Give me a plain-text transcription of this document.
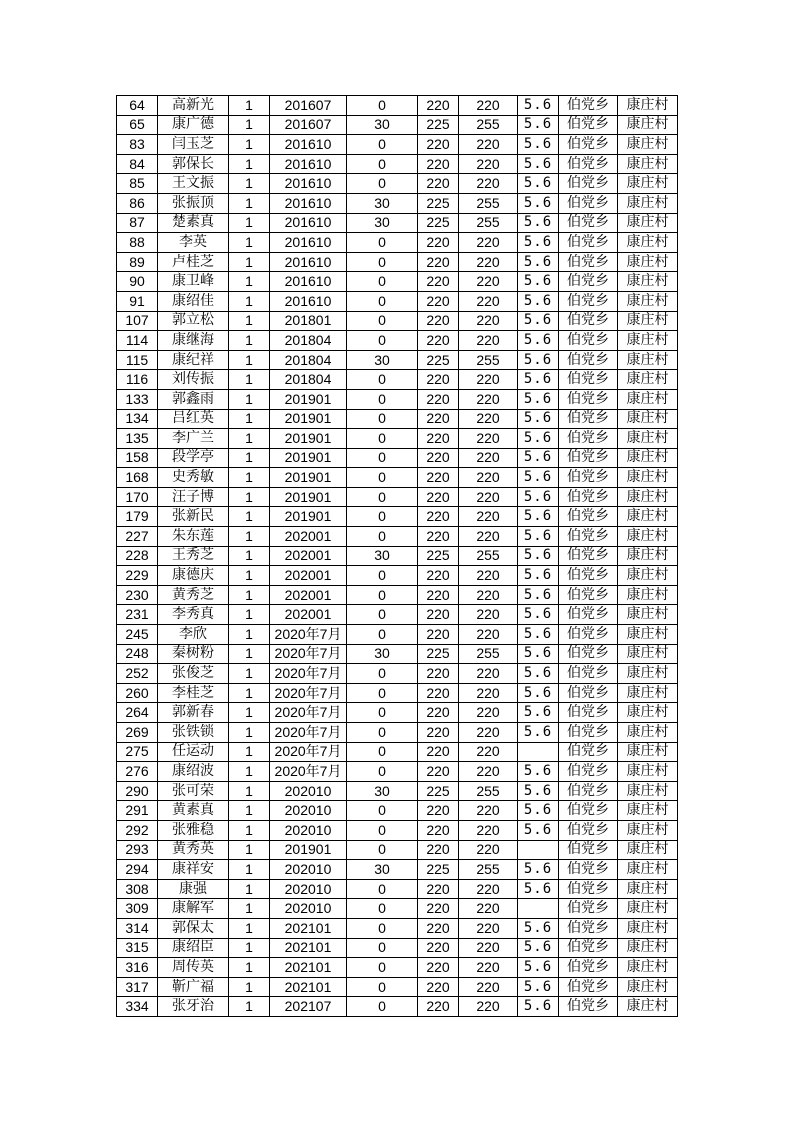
64	高新光	1	201607	0	220	220	5.6	伯党乡	康庄村
65	康广德	1	201607	30	225	255	5.6	伯党乡	康庄村
83	闫玉芝	1	201610	0	220	220	5.6	伯党乡	康庄村
84	郭保长	1	201610	0	220	220	5.6	伯党乡	康庄村
85	王文振	1	201610	0	220	220	5.6	伯党乡	康庄村
86	张振顶	1	201610	30	225	255	5.6	伯党乡	康庄村
87	楚素真	1	201610	30	225	255	5.6	伯党乡	康庄村
88	李英	1	201610	0	220	220	5.6	伯党乡	康庄村
89	卢桂芝	1	201610	0	220	220	5.6	伯党乡	康庄村
90	康卫峰	1	201610	0	220	220	5.6	伯党乡	康庄村
91	康绍佳	1	201610	0	220	220	5.6	伯党乡	康庄村
107	郭立松	1	201801	0	220	220	5.6	伯党乡	康庄村
114	康继海	1	201804	0	220	220	5.6	伯党乡	康庄村
115	康纪祥	1	201804	30	225	255	5.6	伯党乡	康庄村
116	刘传振	1	201804	0	220	220	5.6	伯党乡	康庄村
133	郭鑫雨	1	201901	0	220	220	5.6	伯党乡	康庄村
134	吕红英	1	201901	0	220	220	5.6	伯党乡	康庄村
135	李广兰	1	201901	0	220	220	5.6	伯党乡	康庄村
158	段学亭	1	201901	0	220	220	5.6	伯党乡	康庄村
168	史秀敏	1	201901	0	220	220	5.6	伯党乡	康庄村
170	汪子博	1	201901	0	220	220	5.6	伯党乡	康庄村
179	张新民	1	201901	0	220	220	5.6	伯党乡	康庄村
227	朱东莲	1	202001	0	220	220	5.6	伯党乡	康庄村
228	王秀芝	1	202001	30	225	255	5.6	伯党乡	康庄村
229	康德庆	1	202001	0	220	220	5.6	伯党乡	康庄村
230	黄秀芝	1	202001	0	220	220	5.6	伯党乡	康庄村
231	李秀真	1	202001	0	220	220	5.6	伯党乡	康庄村
245	李欣	1	2020年7月	0	220	220	5.6	伯党乡	康庄村
248	秦树粉	1	2020年7月	30	225	255	5.6	伯党乡	康庄村
252	张俊芝	1	2020年7月	0	220	220	5.6	伯党乡	康庄村
260	李桂芝	1	2020年7月	0	220	220	5.6	伯党乡	康庄村
264	郭新春	1	2020年7月	0	220	220	5.6	伯党乡	康庄村
269	张铁锁	1	2020年7月	0	220	220	5.6	伯党乡	康庄村
275	任运动	1	2020年7月	0	220	220		伯党乡	康庄村
276	康绍波	1	2020年7月	0	220	220	5.6	伯党乡	康庄村
290	张可荣	1	202010	30	225	255	5.6	伯党乡	康庄村
291	黄素真	1	202010	0	220	220	5.6	伯党乡	康庄村
292	张雅稳	1	202010	0	220	220	5.6	伯党乡	康庄村
293	黄秀英	1	201901	0	220	220		伯党乡	康庄村
294	康祥安	1	202010	30	225	255	5.6	伯党乡	康庄村
308	康强	1	202010	0	220	220	5.6	伯党乡	康庄村
309	康解军	1	202010	0	220	220		伯党乡	康庄村
314	郭保太	1	202101	0	220	220	5.6	伯党乡	康庄村
315	康绍臣	1	202101	0	220	220	5.6	伯党乡	康庄村
316	周传英	1	202101	0	220	220	5.6	伯党乡	康庄村
317	靳广福	1	202101	0	220	220	5.6	伯党乡	康庄村
334	张牙治	1	202107	0	220	220	5.6	伯党乡	康庄村
